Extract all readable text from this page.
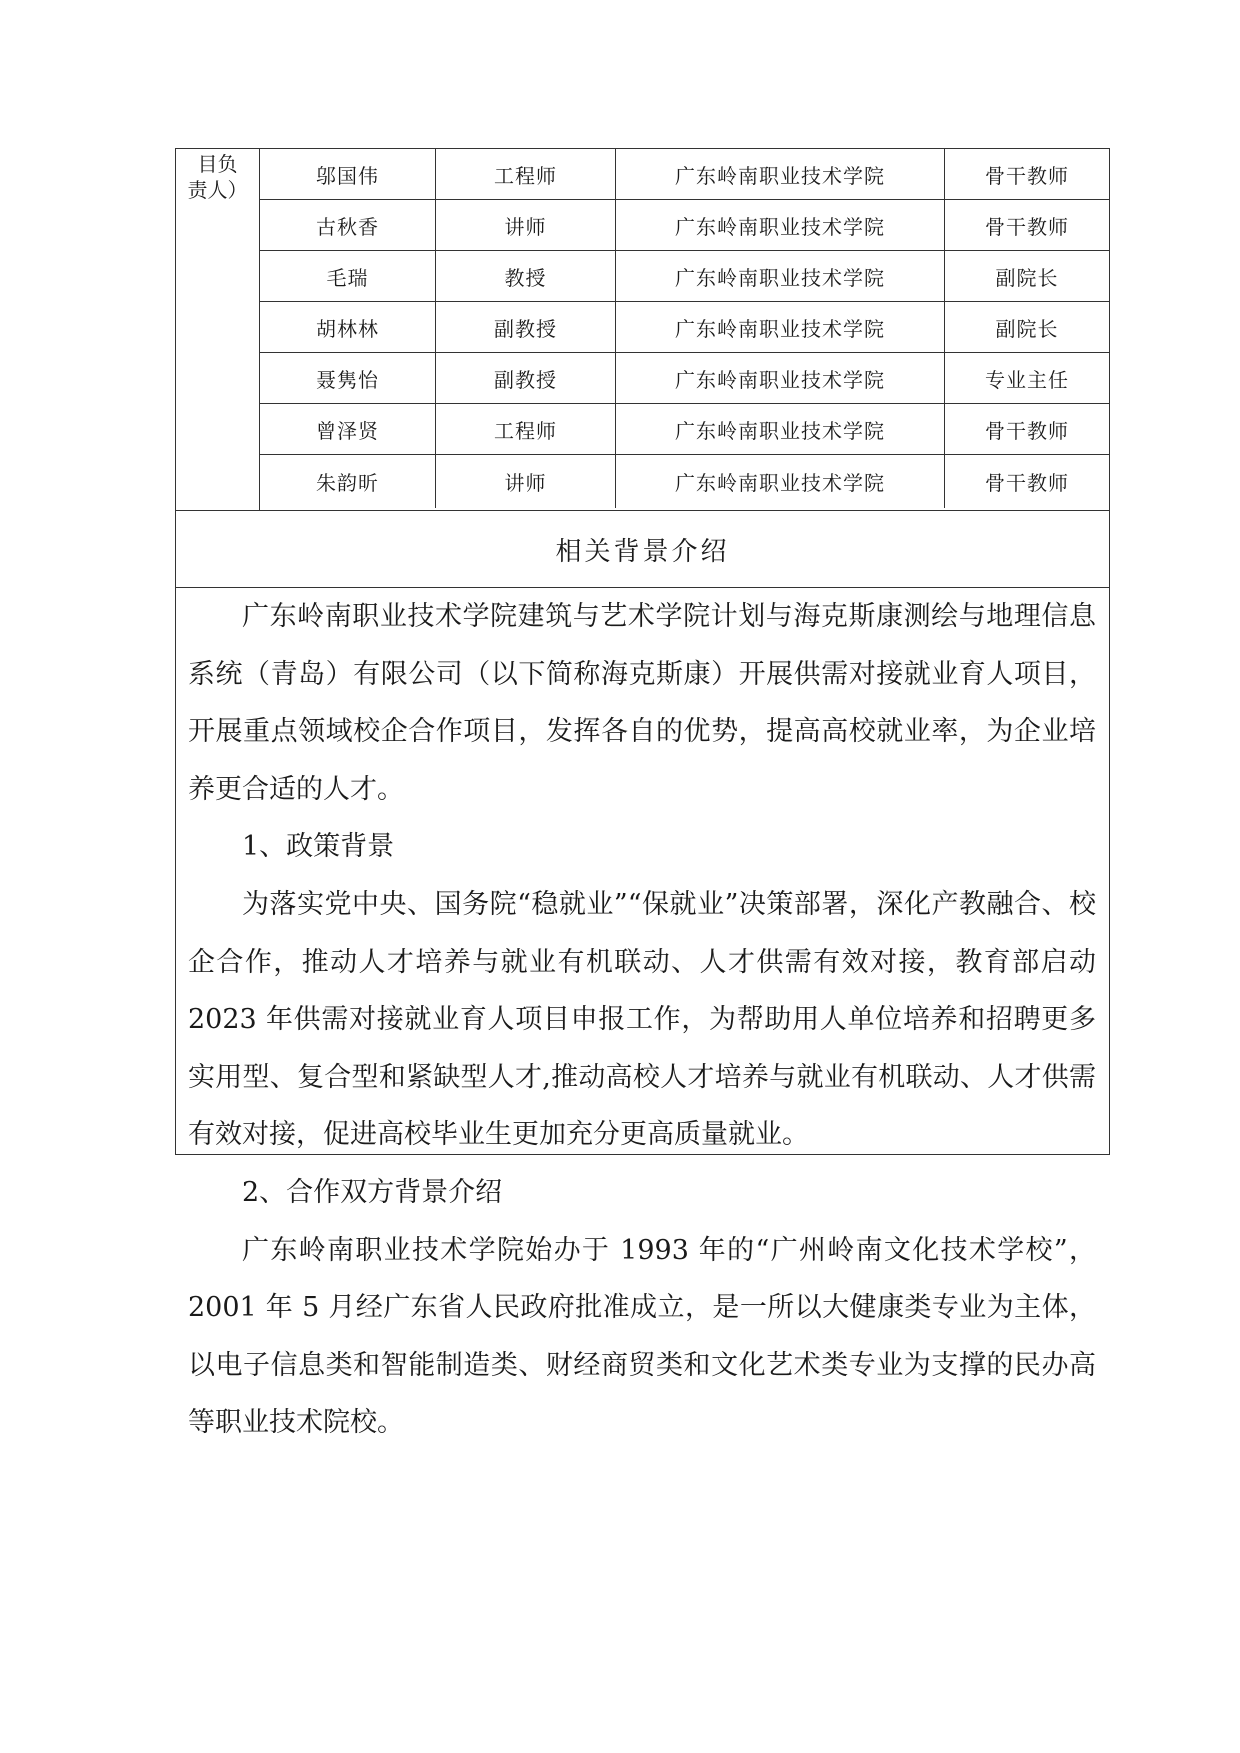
目负
责人）
邬国伟	工程师	广东岭南职业技术学院	骨干教师
古秋香	讲师	广东岭南职业技术学院	骨干教师
毛瑞	教授	广东岭南职业技术学院	副院长
胡林林	副教授	广东岭南职业技术学院	副院长
聂隽怡	副教授	广东岭南职业技术学院	专业主任
曾泽贤	工程师	广东岭南职业技术学院	骨干教师
朱韵昕	讲师	广东岭南职业技术学院	骨干教师
相关背景介绍

广东岭南职业技术学院建筑与艺术学院计划与海克斯康测绘与地理信息系统（青岛）有限公司（以下简称海克斯康）开展供需对接就业育人项目，开展重点领域校企合作项目，发挥各自的优势，提高高校就业率，为企业培养更合适的人才。

1、政策背景

为落实党中央、国务院“稳就业”“保就业”决策部署，深化产教融合、校企合作，推动人才培养与就业有机联动、人才供需有效对接，教育部启动 2023 年供需对接就业育人项目申报工作，为帮助用人单位培养和招聘更多实用型、复合型和紧缺型人才,推动高校人才培养与就业有机联动、人才供需有效对接，促进高校毕业生更加充分更高质量就业。

2、合作双方背景介绍

广东岭南职业技术学院始办于 1993 年的“广州岭南文化技术学校”，2001 年 5 月经广东省人民政府批准成立，是一所以大健康类专业为主体，以电子信息类和智能制造类、财经商贸类和文化艺术类专业为支撑的民办高等职业技术院校。
